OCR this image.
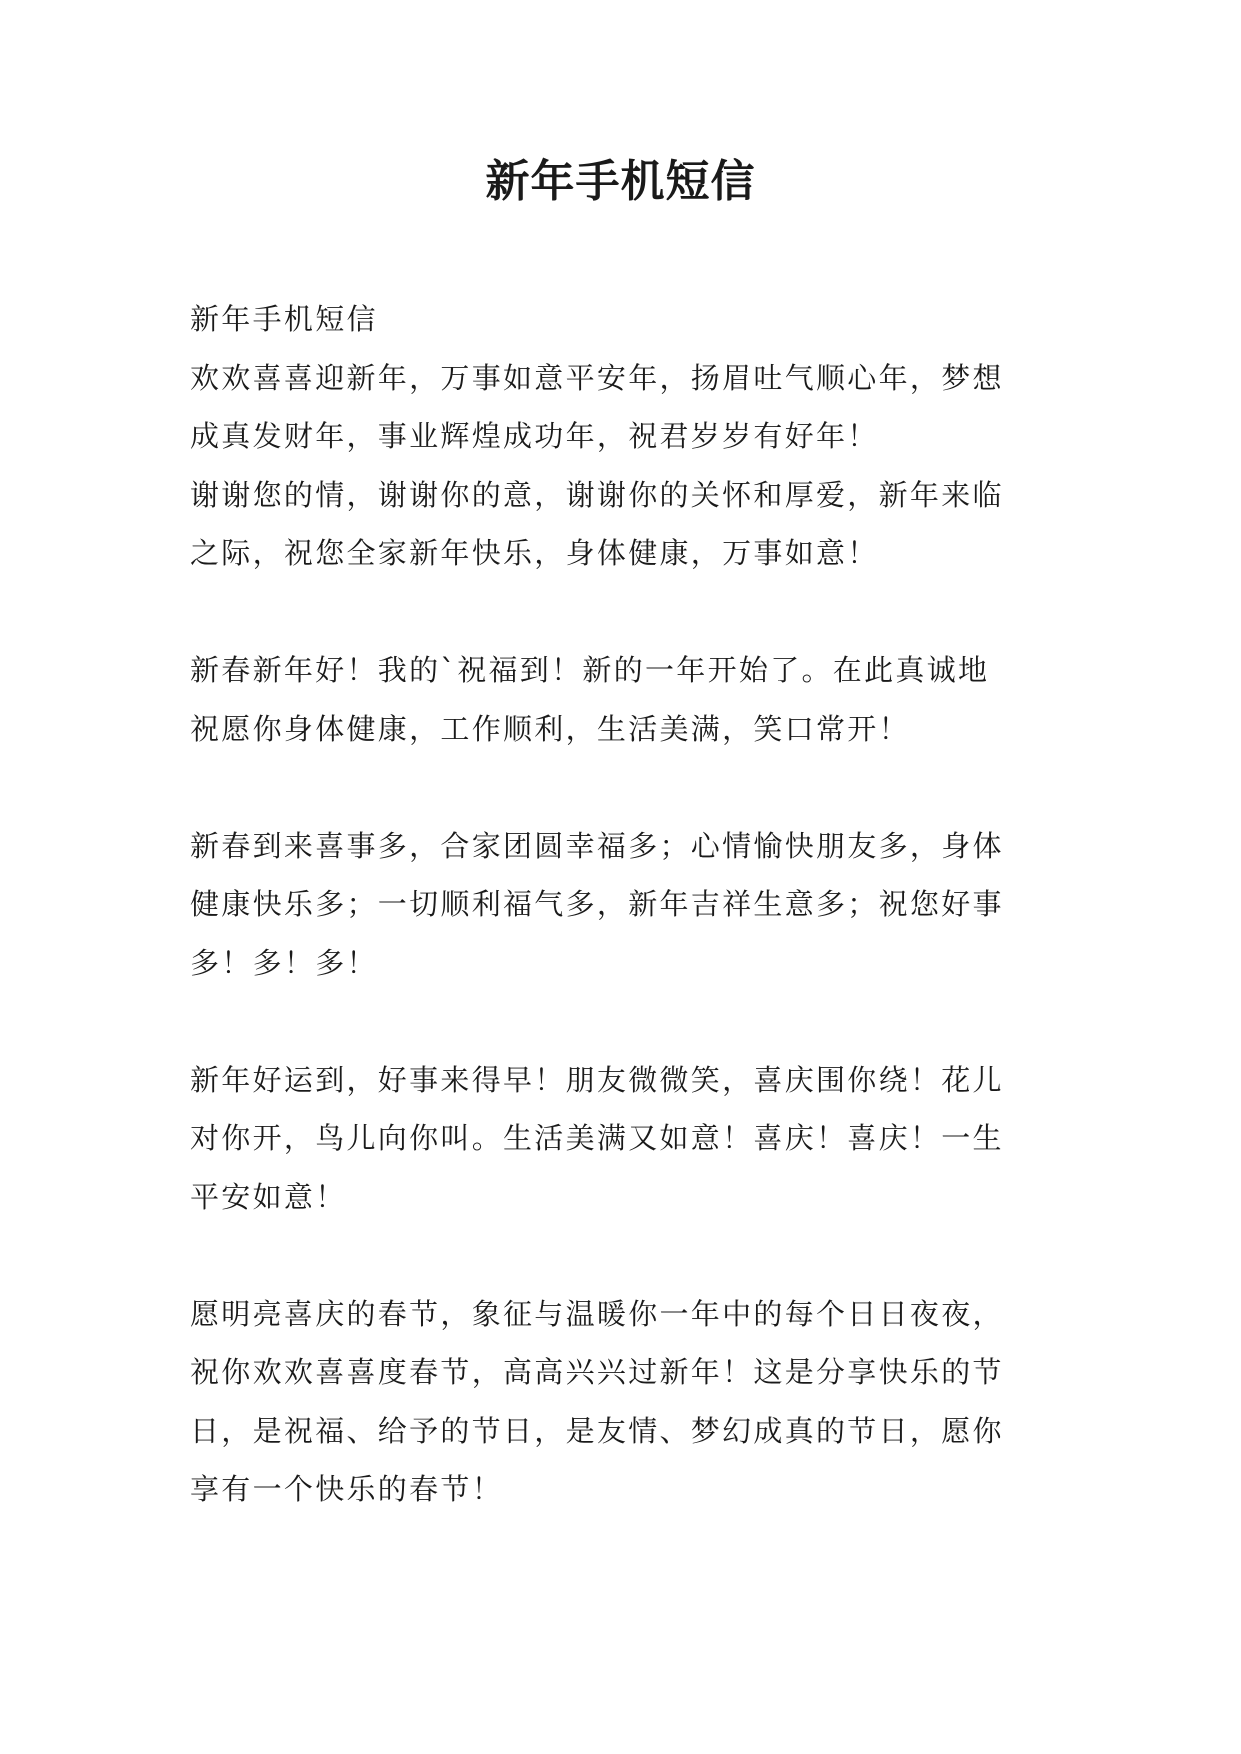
新年手机短信
新年手机短信
欢欢喜喜迎新年，万事如意平安年，扬眉吐气顺心年，梦想
成真发财年，事业辉煌成功年，祝君岁岁有好年！
谢谢您的情，谢谢你的意，谢谢你的关怀和厚爱，新年来临
之际，祝您全家新年快乐，身体健康，万事如意！
新春新年好！我的`祝福到！新的一年开始了。在此真诚地
祝愿你身体健康，工作顺利，生活美满，笑口常开！
新春到来喜事多，合家团圆幸福多；心情愉快朋友多，身体
健康快乐多；一切顺利福气多，新年吉祥生意多；祝您好事
多！多！多！
新年好运到，好事来得早！朋友微微笑，喜庆围你绕！花儿
对你开，鸟儿向你叫。生活美满又如意！喜庆！喜庆！一生
平安如意！
愿明亮喜庆的春节，象征与温暖你一年中的每个日日夜夜，
祝你欢欢喜喜度春节，高高兴兴过新年！这是分享快乐的节
日，是祝福、给予的节日，是友情、梦幻成真的节日，愿你
享有一个快乐的春节！
